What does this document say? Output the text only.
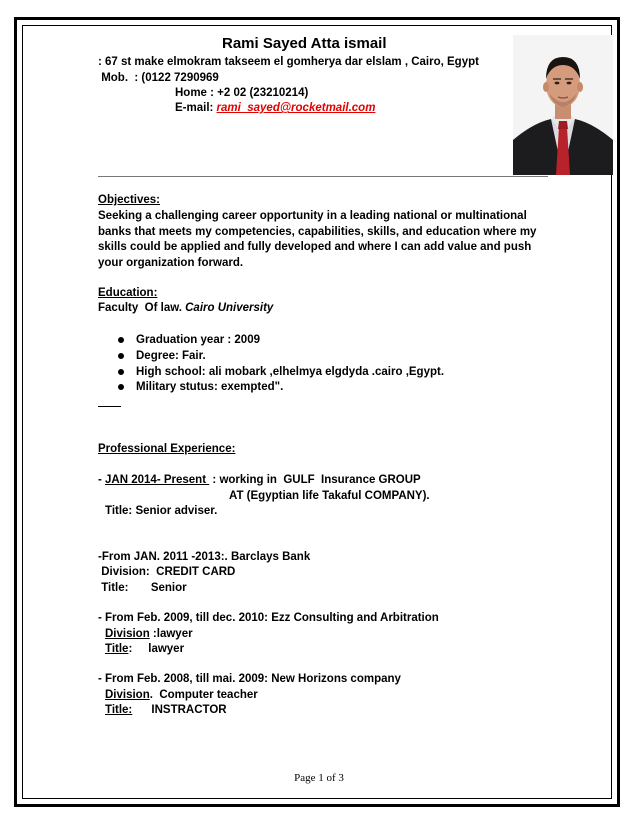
Rami Sayed Atta ismail
: 67 st make elmokram takseem el gomherya dar elslam , Cairo, Egypt
Mob.  : (0122 7290969
Home : +2 02 (23210214)
E-mail: rami_sayed@rocketmail.com
Objectives:
Seeking a challenging career opportunity in a leading national or multinational banks that meets my competencies, capabilities, skills, and education where my skills could be applied and fully developed and where I can add value and push your organization forward.
Education:
Faculty  Of law. Cairo University
Graduation year : 2009
Degree: Fair.
High school: ali mobark ,elhelmya elgdyda .cairo ,Egypt.
Military stutus: exempted".
Professional Experience:
- JAN 2014- Present  : working in  GULF  Insurance GROUP
AT (Egyptian life Takaful COMPANY).
Title: Senior adviser.
-From JAN. 2011 -2013:. Barclays Bank
Division:  CREDIT CARD
Title:       Senior
- From Feb. 2009, till dec. 2010: Ezz Consulting and Arbitration
Division :lawyer
Title:     lawyer
- From Feb. 2008, till mai. 2009: New Horizons company
Division.  Computer teacher
Title:      INSTRACTOR
Page 1 of 3
